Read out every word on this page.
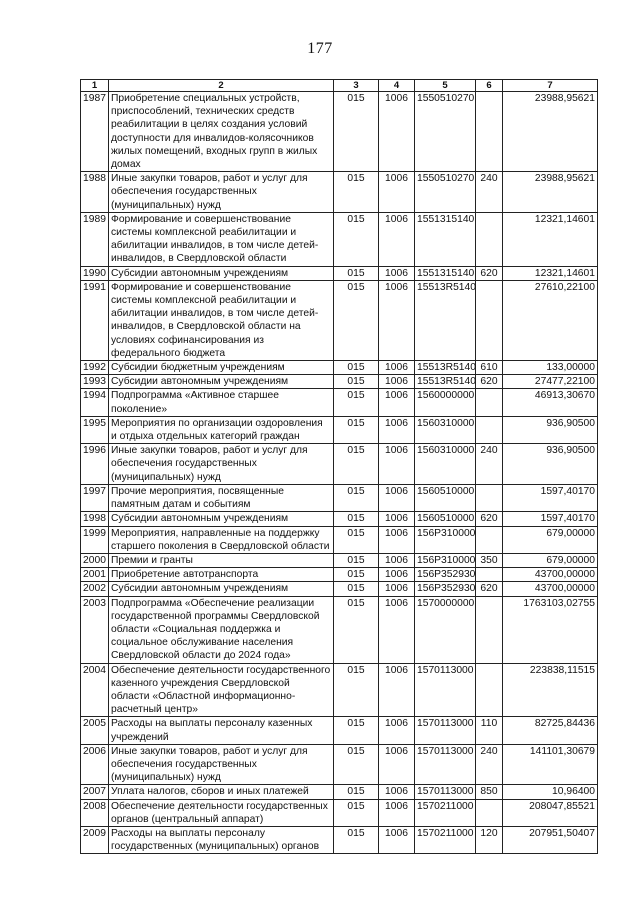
177
1	2	3	4	5	6	7
1987	Приобретение специальных устройств, приспособлений, технических средств реабилитации в целях создания условий доступности для инвалидов-колясочников жилых помещений, входных групп в жилых домах	015	1006	1550510270		23988,95621
1988	Иные закупки товаров, работ и услуг для обеспечения государственных (муниципальных) нужд	015	1006	1550510270	240	23988,95621
1989	Формирование и совершенствование системы комплексной реабилитации и абилитации инвалидов, в том числе детей-инвалидов, в Свердловской области	015	1006	1551315140		12321,14601
1990	Субсидии автономным учреждениям	015	1006	1551315140	620	12321,14601
1991	Формирование и совершенствование системы комплексной реабилитации и абилитации инвалидов, в том числе детей-инвалидов, в Свердловской области на условиях софинансирования из федерального бюджета	015	1006	15513R5140		27610,22100
1992	Субсидии бюджетным учреждениям	015	1006	15513R5140	610	133,00000
1993	Субсидии автономным учреждениям	015	1006	15513R5140	620	27477,22100
1994	Подпрограмма «Активное старшее поколение»	015	1006	1560000000		46913,30670
1995	Мероприятия по организации оздоровления и отдыха отдельных категорий граждан	015	1006	1560310000		936,90500
1996	Иные закупки товаров, работ и услуг для обеспечения государственных (муниципальных) нужд	015	1006	1560310000	240	936,90500
1997	Прочие мероприятия, посвященные памятным датам и событиям	015	1006	1560510000		1597,40170
1998	Субсидии автономным учреждениям	015	1006	1560510000	620	1597,40170
1999	Мероприятия, направленные на поддержку старшего поколения в Свердловской области	015	1006	156Р310000		679,00000
2000	Премии и гранты	015	1006	156Р310000	350	679,00000
2001	Приобретение автотранспорта	015	1006	156Р352930		43700,00000
2002	Субсидии автономным учреждениям	015	1006	156Р352930	620	43700,00000
2003	Подпрограмма «Обеспечение реализации государственной программы Свердловской области «Социальная поддержка и социальное обслуживание населения Свердловской области до 2024 года»	015	1006	1570000000		1763103,02755
2004	Обеспечение деятельности государственного казенного учреждения Свердловской области «Областной информационно-расчетный центр»	015	1006	1570113000		223838,11515
2005	Расходы на выплаты персоналу казенных учреждений	015	1006	1570113000	110	82725,84436
2006	Иные закупки товаров, работ и услуг для обеспечения государственных (муниципальных) нужд	015	1006	1570113000	240	141101,30679
2007	Уплата налогов, сборов и иных платежей	015	1006	1570113000	850	10,96400
2008	Обеспечение деятельности государственных органов (центральный аппарат)	015	1006	1570211000		208047,85521
2009	Расходы на выплаты персоналу государственных (муниципальных) органов	015	1006	1570211000	120	207951,50407
